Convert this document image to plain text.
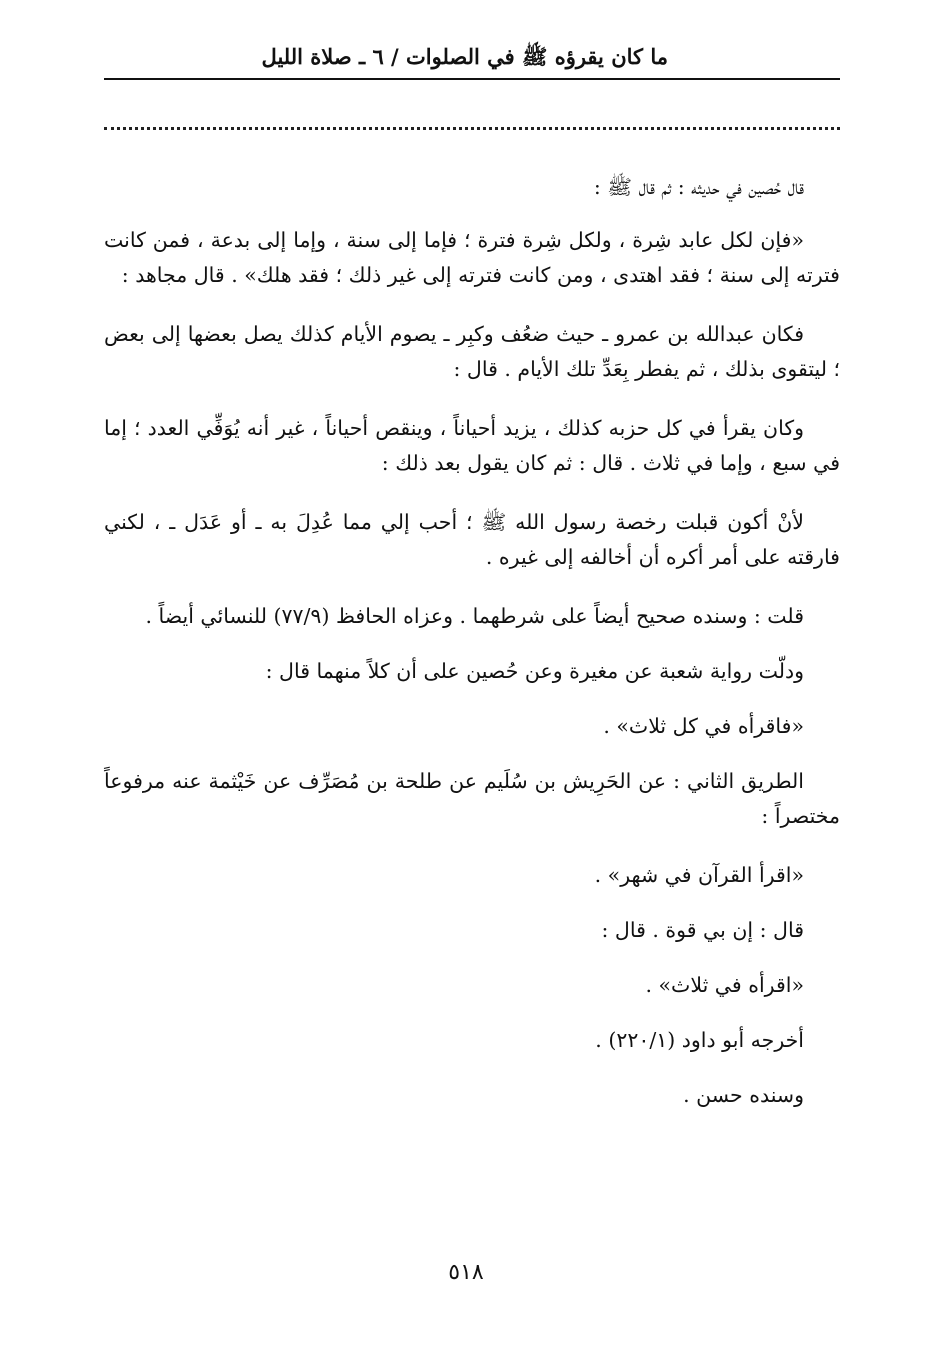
ما كان يقرؤه ﷺ في الصلوات / ٦ ـ صلاة الليل

قال حُصين في حديثه : ثم قال ﷺ :

«فإن لكل عابد شِرة ، ولكل شِرة فترة ؛ فإما إلى سنة ، وإما إلى بدعة ، فمن كانت فترته إلى سنة ؛ فقد اهتدى ، ومن كانت فترته إلى غير ذلك ؛ فقد هلك» . قال مجاهد :

فكان عبدالله بن عمرو ـ حيث ضعُف وكبِر ـ يصوم الأيام كذلك يصل بعضها إلى بعض ؛ ليتقوى بذلك ، ثم يفطر بِعَدِّ تلك الأيام . قال :

وكان يقرأ في كل حزبه كذلك ، يزيد أحياناً ، وينقص أحياناً ، غير أنه يُوَفِّي العدد ؛ إما في سبع ، وإما في ثلاث . قال : ثم كان يقول بعد ذلك :

لأنْ أكون قبلت رخصة رسول الله ﷺ ؛ أحب إلي مما عُدِلَ به ـ أو عَدَل ـ ، لكني فارقته على أمر أكره أن أخالفه إلى غيره .

قلت : وسنده صحيح أيضاً على شرطهما . وعزاه الحافظ (٧٧/٩) للنسائي أيضاً .

ودلّت رواية شعبة عن مغيرة وعن حُصين على أن كلاً منهما قال :

«فاقرأه في كل ثلاث» .

الطريق الثاني : عن الحَرِيش بن سُلَيم عن طلحة بن مُصَرِّف عن خَيْثمة عنه مرفوعاً مختصراً :

«اقرأ القرآن في شهر» .

قال : إن بي قوة . قال :

«اقرأه في ثلاث» .

أخرجه أبو داود (٢٢٠/١) .

وسنده حسن .

٥١٨
